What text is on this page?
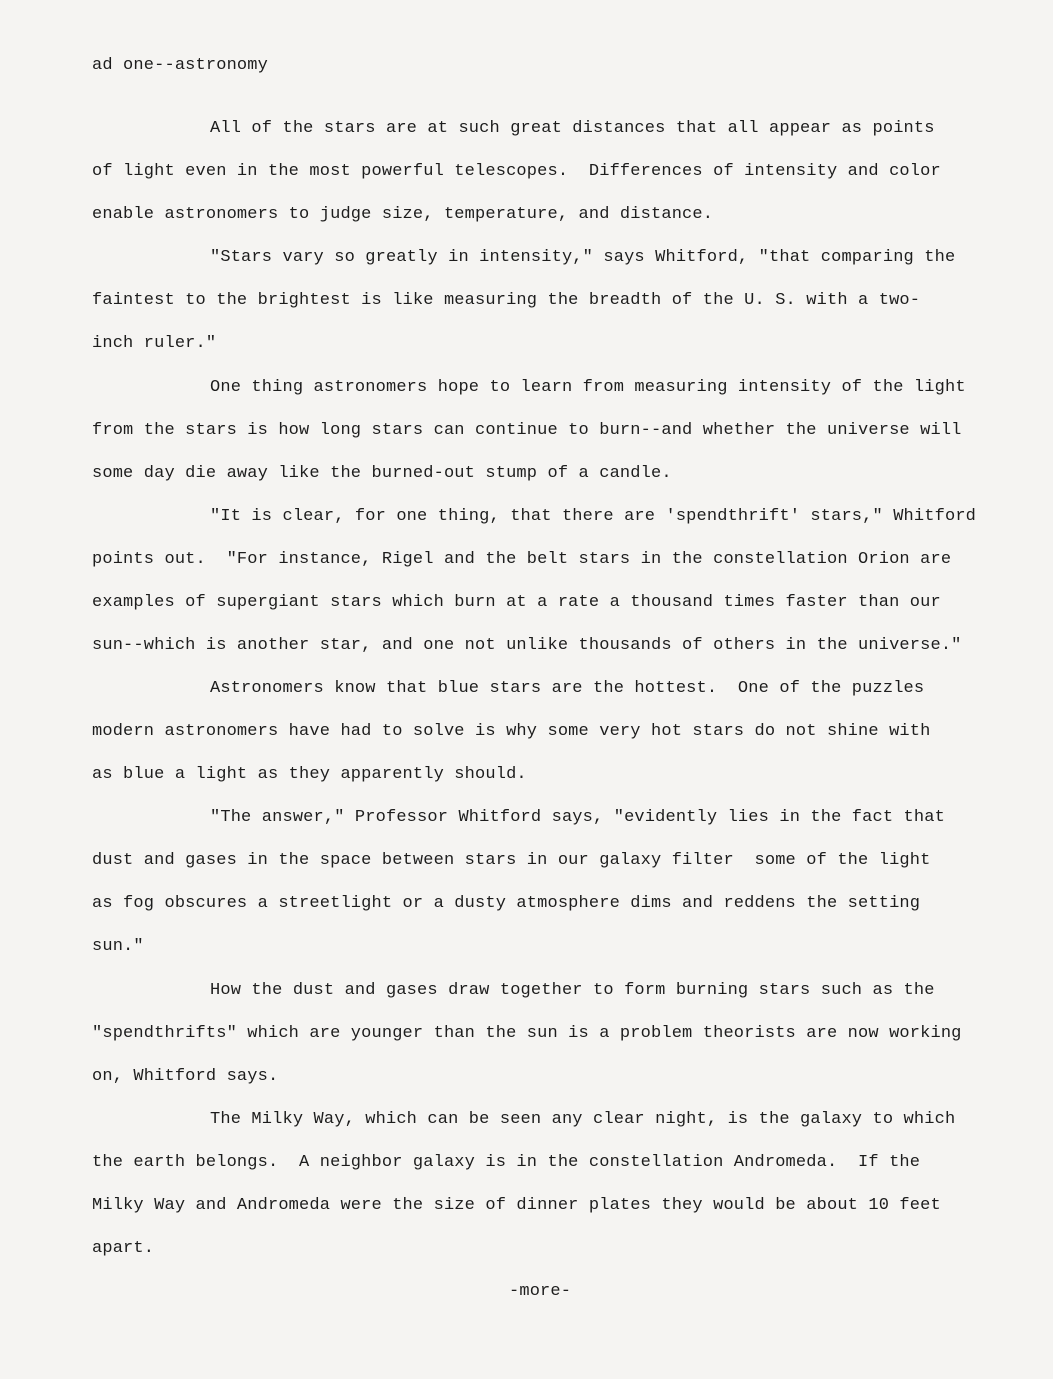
ad one--astronomy
All of the stars are at such great distances that all appear as points
of light even in the most powerful telescopes.  Differences of intensity and color
enable astronomers to judge size, temperature, and distance.
"Stars vary so greatly in intensity," says Whitford, "that comparing the
faintest to the brightest is like measuring the breadth of the U. S. with a two-
inch ruler."
One thing astronomers hope to learn from measuring intensity of the light
from the stars is how long stars can continue to burn--and whether the universe will
some day die away like the burned-out stump of a candle.
"It is clear, for one thing, that there are 'spendthrift' stars," Whitford
points out.  "For instance, Rigel and the belt stars in the constellation Orion are
examples of supergiant stars which burn at a rate a thousand times faster than our
sun--which is another star, and one not unlike thousands of others in the universe."
Astronomers know that blue stars are the hottest.  One of the puzzles
modern astronomers have had to solve is why some very hot stars do not shine with
as blue a light as they apparently should.
"The answer," Professor Whitford says, "evidently lies in the fact that
dust and gases in the space between stars in our galaxy filter  some of the light
as fog obscures a streetlight or a dusty atmosphere dims and reddens the setting
sun."
How the dust and gases draw together to form burning stars such as the
"spendthrifts" which are younger than the sun is a problem theorists are now working
on, Whitford says.
The Milky Way, which can be seen any clear night, is the galaxy to which
the earth belongs.  A neighbor galaxy is in the constellation Andromeda.  If the
Milky Way and Andromeda were the size of dinner plates they would be about 10 feet
apart.
-more-
